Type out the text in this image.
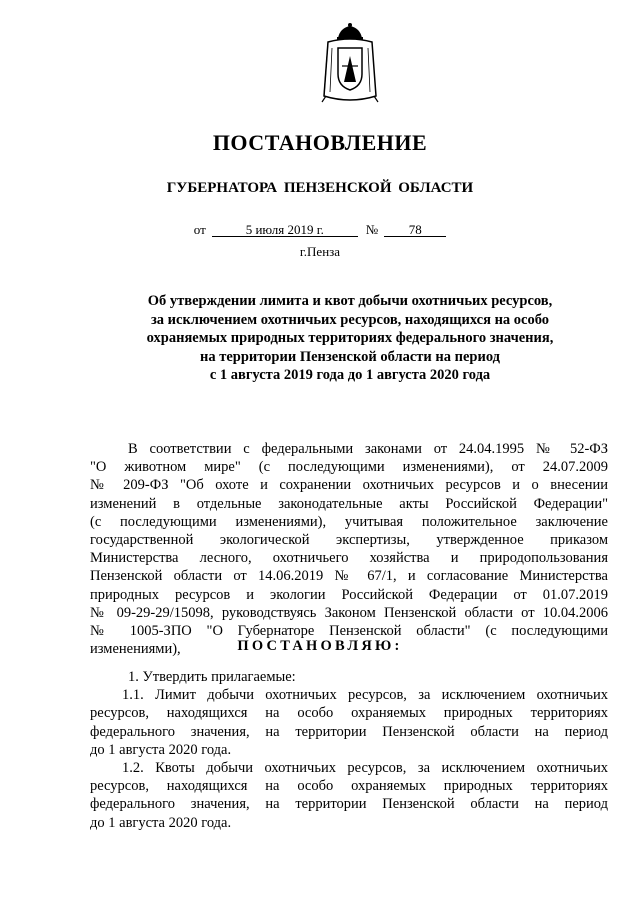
ПОСТАНОВЛЕНИЕ
ГУБЕРНАТОРА ПЕНЗЕНСКОЙ ОБЛАСТИ
от	5 июля 2019 г.	№ 78
г.Пенза
Об утверждении лимита и квот добычи охотничьих ресурсов,
за исключением охотничьих ресурсов, находящихся на особо
охраняемых природных территориях федерального значения,
на территории Пензенской области на период
с 1 августа 2019 года до 1 августа 2020 года
В соответствии с федеральными законами от 24.04.1995 № 52-ФЗ
"О животном мире" (с последующими изменениями), от 24.07.2009
№ 209-ФЗ "Об охоте и сохранении охотничьих ресурсов и о внесении
изменений в отдельные законодательные акты Российской Федерации"
(с последующими изменениями), учитывая положительное заключение
государственной экологической экспертизы, утвержденное приказом
Министерства лесного, охотничьего хозяйства и природопользования
Пензенской области от 14.06.2019 № 67/1, и согласование Министерства
природных ресурсов и экологии Российской Федерации от 01.07.2019
№ 09-29-29/15098, руководствуясь Законом Пензенской области от 10.04.2006
№ 1005-ЗПО "О Губернаторе Пензенской области" (с последующими
изменениями),	ПОСТАНОВЛЯЮ:
1. Утвердить прилагаемые:
1.1. Лимит добычи охотничьих ресурсов, за исключением охотничьих
ресурсов, находящихся на особо охраняемых природных территориях
федерального значения, на территории Пензенской области на период
до 1 августа 2020 года.
1.2. Квоты добычи охотничьих ресурсов, за исключением охотничьих
ресурсов, находящихся на особо охраняемых природных территориях
федерального значения, на территории Пензенской области на период
до 1 августа 2020 года.
